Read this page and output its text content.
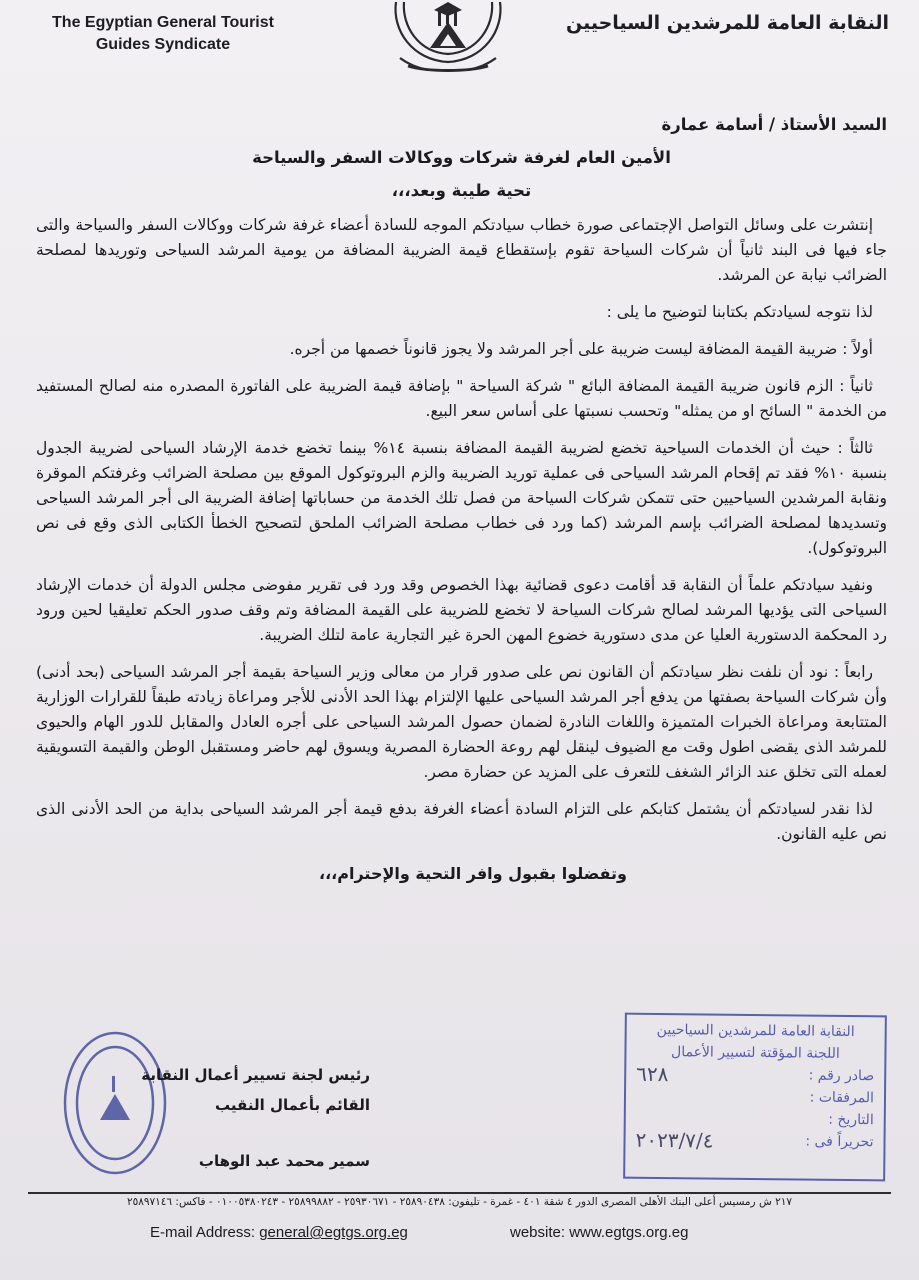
The Egyptian General Tourist
Guides Syndicate
النقابة العامة للمرشدين السياحيين

السيد الأستاذ / أسامة عمارة

الأمين العام لغرفة شركات ووكالات السفر والسياحة

تحية طيبة وبعد،،،

إنتشرت على وسائل التواصل الإجتماعى صورة خطاب سيادتكم الموجه للسادة أعضاء غرفة شركات ووكالات السفر والسياحة والتى جاء فيها فى البند ثانياً أن شركات السياحة تقوم بإستقطاع قيمة الضريبة المضافة من يومية المرشد السياحى وتوريدها لمصلحة الضرائب نيابة عن المرشد.

لذا نتوجه لسيادتكم بكتابنا لتوضيح ما يلى :

أولاً : ضريبة القيمة المضافة ليست ضريبة على أجر المرشد ولا يجوز قانوناً خصمها من أجره.

ثانياً : الزم قانون ضريبة القيمة المضافة البائع " شركة السياحة " بإضافة قيمة الضريبة على الفاتورة المصدره منه لصالح المستفيد من الخدمة " السائح او من يمثله" وتحسب نسبتها على أساس سعر البيع.

ثالثاً : حيث أن الخدمات السياحية تخضع لضريبة القيمة المضافة بنسبة ١٤% بينما تخضع خدمة الإرشاد السياحى لضريبة الجدول بنسبة ١٠% فقد تم إقحام المرشد السياحى فى عملية توريد الضريبة والزم البروتوكول الموقع بين مصلحة الضرائب وغرفتكم الموقرة ونقابة المرشدين السياحيين حتى تتمكن شركات السياحة من فصل تلك الخدمة من حساباتها إضافة الضريبة الى أجر المرشد السياحى وتسديدها لمصلحة الضرائب بإسم المرشد (كما ورد فى خطاب مصلحة الضرائب الملحق لتصحيح الخطأ الكتابى الذى وقع فى نص البروتوكول).

ونفيد سيادتكم علماً أن النقابة قد أقامت دعوى قضائية بهذا الخصوص وقد ورد فى تقرير مفوضى مجلس الدولة أن خدمات الإرشاد السياحى التى يؤديها المرشد لصالح شركات السياحة لا تخضع للضريبة على القيمة المضافة وتم وقف صدور الحكم تعليقيا لحين ورود رد المحكمة الدستورية العليا عن مدى دستورية خضوع المهن الحرة غير التجارية عامة لتلك الضريبة.

رابعاً : نود أن نلفت نظر سيادتكم أن القانون نص على صدور قرار من معالى وزير السياحة بقيمة أجر المرشد السياحى (بحد أدنى) وأن شركات السياحة بصفتها من يدفع أجر المرشد السياحى عليها الإلتزام بهذا الحد الأدنى للأجر ومراعاة زيادته طبقاً للقرارات الوزارية المتتابعة ومراعاة الخبرات المتميزة واللغات النادرة لضمان حصول المرشد السياحى على أجره العادل والمقابل للدور الهام والحيوى للمرشد الذى يقضى اطول وقت مع الضيوف لينقل لهم روعة الحضارة المصرية ويسوق لهم حاضر ومستقبل الوطن والقيمة التسويقية لعمله التى تخلق عند الزائر الشغف للتعرف على المزيد عن حضارة مصر.

لذا نقدر لسيادتكم أن يشتمل كتابكم على التزام السادة أعضاء الغرفة بدفع قيمة أجر المرشد السياحى بداية من الحد الأدنى الذى نص عليه القانون.

وتفضلوا بقبول وافر التحية والإحترام،،،

رئيس لجنة تسيير أعمال النقابة
القائم بأعمال النقيب
سمير محمد عبد الوهاب
النقابة العامة للمرشدين السياحيين
اللجنة المؤقتة لتسيير الأعمال
صادر رقم :
٦٢٨
المرفقات :
التاريخ :
تحريراً فى :
٢٠٢٣/٧/٤
٢١٧ ش رمسيس أعلى البنك الأهلى المصرى الدور ٤ شقة ٤٠١ - غمرة - تليفون: ٢٥٨٩٠٤٣٨ - ٢٥٩٣٠٦٧١ - ٢٥٨٩٩٨٨٢ - ٠١٠٠٥٣٨٠٢٤٣ - فاكس: ٢٥٨٩٧١٤٦
E-mail Address: general@egtgs.org.eg	website: www.egtgs.org.eg
